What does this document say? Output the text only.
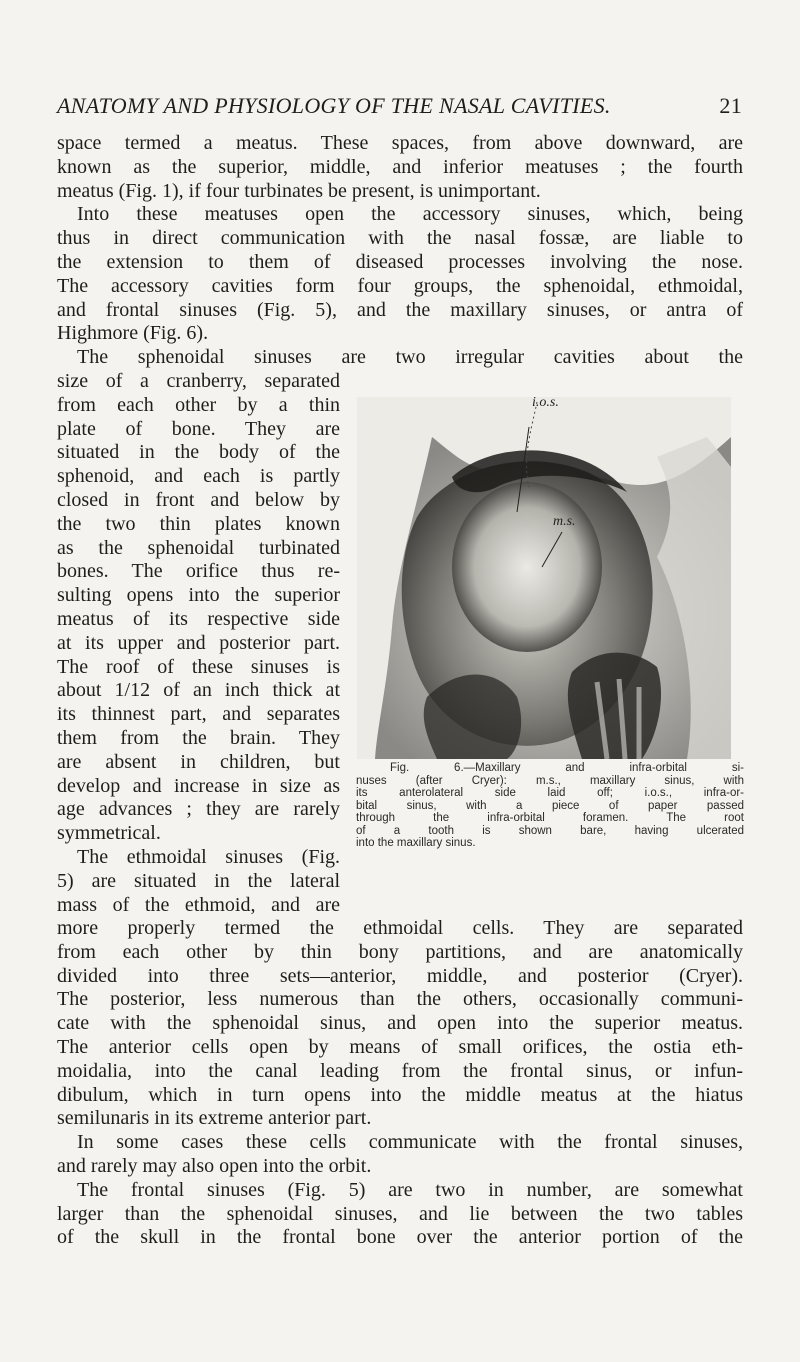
ANATOMY AND PHYSIOLOGY OF THE NASAL CAVITIES.	21
space termed a meatus. These spaces, from above downward, are
known as the superior, middle, and inferior meatuses ; the fourth
meatus (Fig. 1), if four turbinates be present, is unimportant.
Into these meatuses open the accessory sinuses, which, being
thus in direct communication with the nasal fossæ, are liable to
the extension to them of diseased processes involving the nose.
The accessory cavities form four groups, the sphenoidal, ethmoidal,
and frontal sinuses (Fig. 5), and the maxillary sinuses, or antra of
Highmore (Fig. 6).
The sphenoidal sinuses are two irregular cavities about the
size of a cranberry, separated
from each other by a thin
plate of bone. They are
situated in the body of the
sphenoid, and each is partly
closed in front and below by
the two thin plates known
as the sphenoidal turbinated
bones. The orifice thus re-
sulting opens into the superior
meatus of its respective side
at its upper and posterior part.
The roof of these sinuses is
about 1/12 of an inch thick at
its thinnest part, and separates
them from the brain. They
are absent in children, but
develop and increase in size as
age advances ; they are rarely
symmetrical.
The ethmoidal sinuses (Fig.
5) are situated in the lateral
mass of the ethmoid, and are
i.o.s.
m.s.
Fig. 6.—Maxillary and infra-orbital si-
nuses (after Cryer): m.s., maxillary sinus, with
its anterolateral side laid off; i.o.s., infra-or-
bital sinus, with a piece of paper passed
through the infra-orbital foramen. The root
of a tooth is shown bare, having ulcerated
into the maxillary sinus.
more properly termed the ethmoidal cells. They are separated
from each other by thin bony partitions, and are anatomically
divided into three sets—anterior, middle, and posterior (Cryer).
The posterior, less numerous than the others, occasionally communi-
cate with the sphenoidal sinus, and open into the superior meatus.
The anterior cells open by means of small orifices, the ostia eth-
moidalia, into the canal leading from the frontal sinus, or infun-
dibulum, which in turn opens into the middle meatus at the hiatus
semilunaris in its extreme anterior part.
In some cases these cells communicate with the frontal sinuses,
and rarely may also open into the orbit.
The frontal sinuses (Fig. 5) are two in number, are somewhat
larger than the sphenoidal sinuses, and lie between the two tables
of the skull in the frontal bone over the anterior portion of the
